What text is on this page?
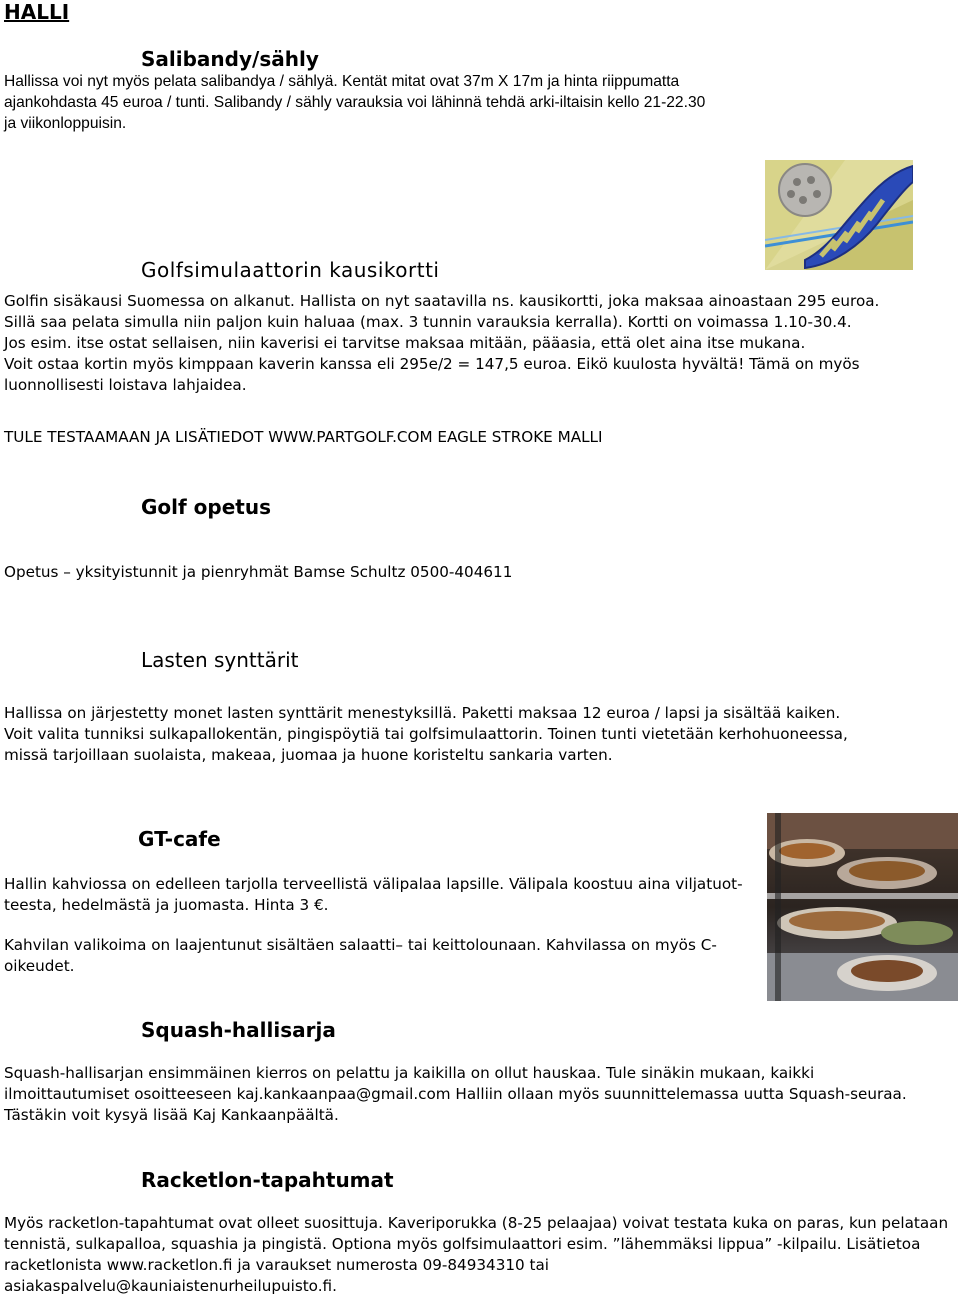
HALLI
Salibandy/sähly

Hallissa voi nyt myös pelata salibandya / sählyä. Kentät mitat ovat 37m X 17m ja hinta riippumatta
ajankohdasta 45 euroa / tunti. Salibandy / sähly varauksia voi lähinnä tehdä arki-iltaisin kello 21-22.30
ja viikonloppuisin.

Golfsimulaattorin kausikortti

Golfin sisäkausi Suomessa on alkanut. Hallista on nyt saatavilla ns. kausikortti, joka maksaa ainoastaan 295 euroa.
Sillä saa pelata simulla niin paljon kuin haluaa (max. 3 tunnin varauksia kerralla). Kortti on voimassa 1.10-30.4.
Jos esim. itse ostat sellaisen, niin kaverisi ei tarvitse maksaa mitään, pääasia, että olet aina itse mukana.
Voit ostaa kortin myös kimppaan kaverin kanssa eli 295e/2 = 147,5 euroa. Eikö kuulosta hyvältä! Tämä on myös
luonnollisesti loistava lahjaidea.

TULE TESTAAMAAN JA LISÄTIEDOT WWW.PARTGOLF.COM EAGLE STROKE MALLI

Golf opetus

Opetus – yksityistunnit ja pienryhmät Bamse Schultz 0500-404611

Lasten synttärit

Hallissa on järjestetty monet lasten synttärit menestyksillä. Paketti maksaa 12 euroa / lapsi ja sisältää kaiken.
Voit valita tunniksi sulkapallokentän, pingispöytiä tai golfsimulaattorin. Toinen tunti vietetään kerhohuoneessa,
missä tarjoillaan suolaista, makeaa, juomaa ja huone koristeltu sankaria varten.

GT-cafe

Hallin kahviossa on edelleen tarjolla terveellistä välipalaa lapsille. Välipala koostuu aina viljatuot-
teesta, hedelmästä ja juomasta. Hinta 3 €.

Kahvilan valikoima on laajentunut sisältäen salaatti– tai keittolounaan. Kahvilassa on myös C-
oikeudet.

Squash-hallisarja

Squash-hallisarjan ensimmäinen kierros on pelattu ja kaikilla on ollut hauskaa. Tule sinäkin mukaan, kaikki
ilmoittautumiset osoitteeseen kaj.kankaanpaa@gmail.com Halliin ollaan myös suunnittelemassa uutta Squash-seuraa.
Tästäkin voit kysyä lisää Kaj Kankaanpäältä.

Racketlon-tapahtumat

Myös racketlon-tapahtumat ovat olleet suosittuja. Kaveriporukka (8-25 pelaajaa) voivat testata kuka on paras, kun pelataan
tennistä, sulkapalloa, squashia ja pingistä. Optiona myös golfsimulaattori esim. ”lähemmäksi lippua” -kilpailu. Lisätietoa
racketlonista www.racketlon.fi ja varaukset numerosta 09-84934310 tai
asiakaspalvelu@kauniaistenurheilupuisto.fi.
